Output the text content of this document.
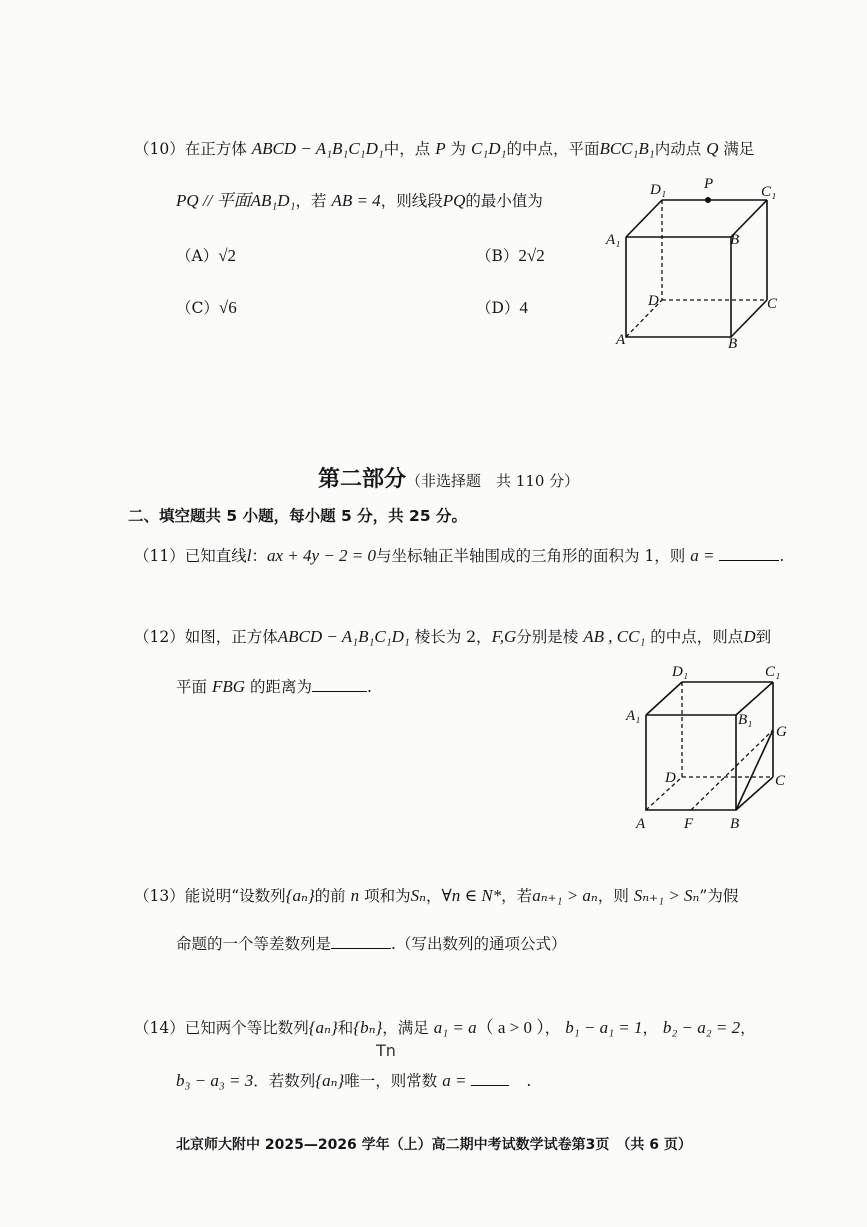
（10）在正方体 ABCD − A₁B₁C₁D₁中，点 P 为 C₁D₁的中点，平面BCC₁B₁内动点 Q 满足
PQ // 平面AB₁D₁，若 AB = 4，则线段PQ的最小值为
（A）√2	（B）2√2
（C）√6	（D）4
D₁	P	C₁
A₁	B
D	C
A	B
第二部分（非选择题　共 110 分）
二、填空题共 5 小题，每小题 5 分，共 25 分。
（11）已知直线l：ax + 4y − 2 = 0与坐标轴正半轴围成的三角形的面积为 1，则 a =	.
（12）如图，正方体ABCD − A₁B₁C₁D₁ 棱长为 2，F,G分别是棱 AB , CC₁ 的中点，则点D到
平面 FBG 的距离为	.
D₁	C₁
A₁	B₁
G
D	C
A	F B
（13）能说明“设数列{aₙ}的前 n 项和为Sₙ，∀n ∈ N*，若aₙ₊₁ > aₙ，则 Sₙ₊₁ > Sₙ”为假
命题的一个等差数列是	.（写出数列的通项公式）
（14）已知两个等比数列{aₙ}和{bₙ}，满足 a₁ = a（ a > 0 ）， b₁ − a₁ = 1， b₂ − a₂ = 2，
Tn
b₃ − a₃ = 3．若数列{aₙ}唯一，则常数 a =	.
北京师大附中 2025—2026 学年（上）高二期中考试数学试卷第3页　（共 6 页）
